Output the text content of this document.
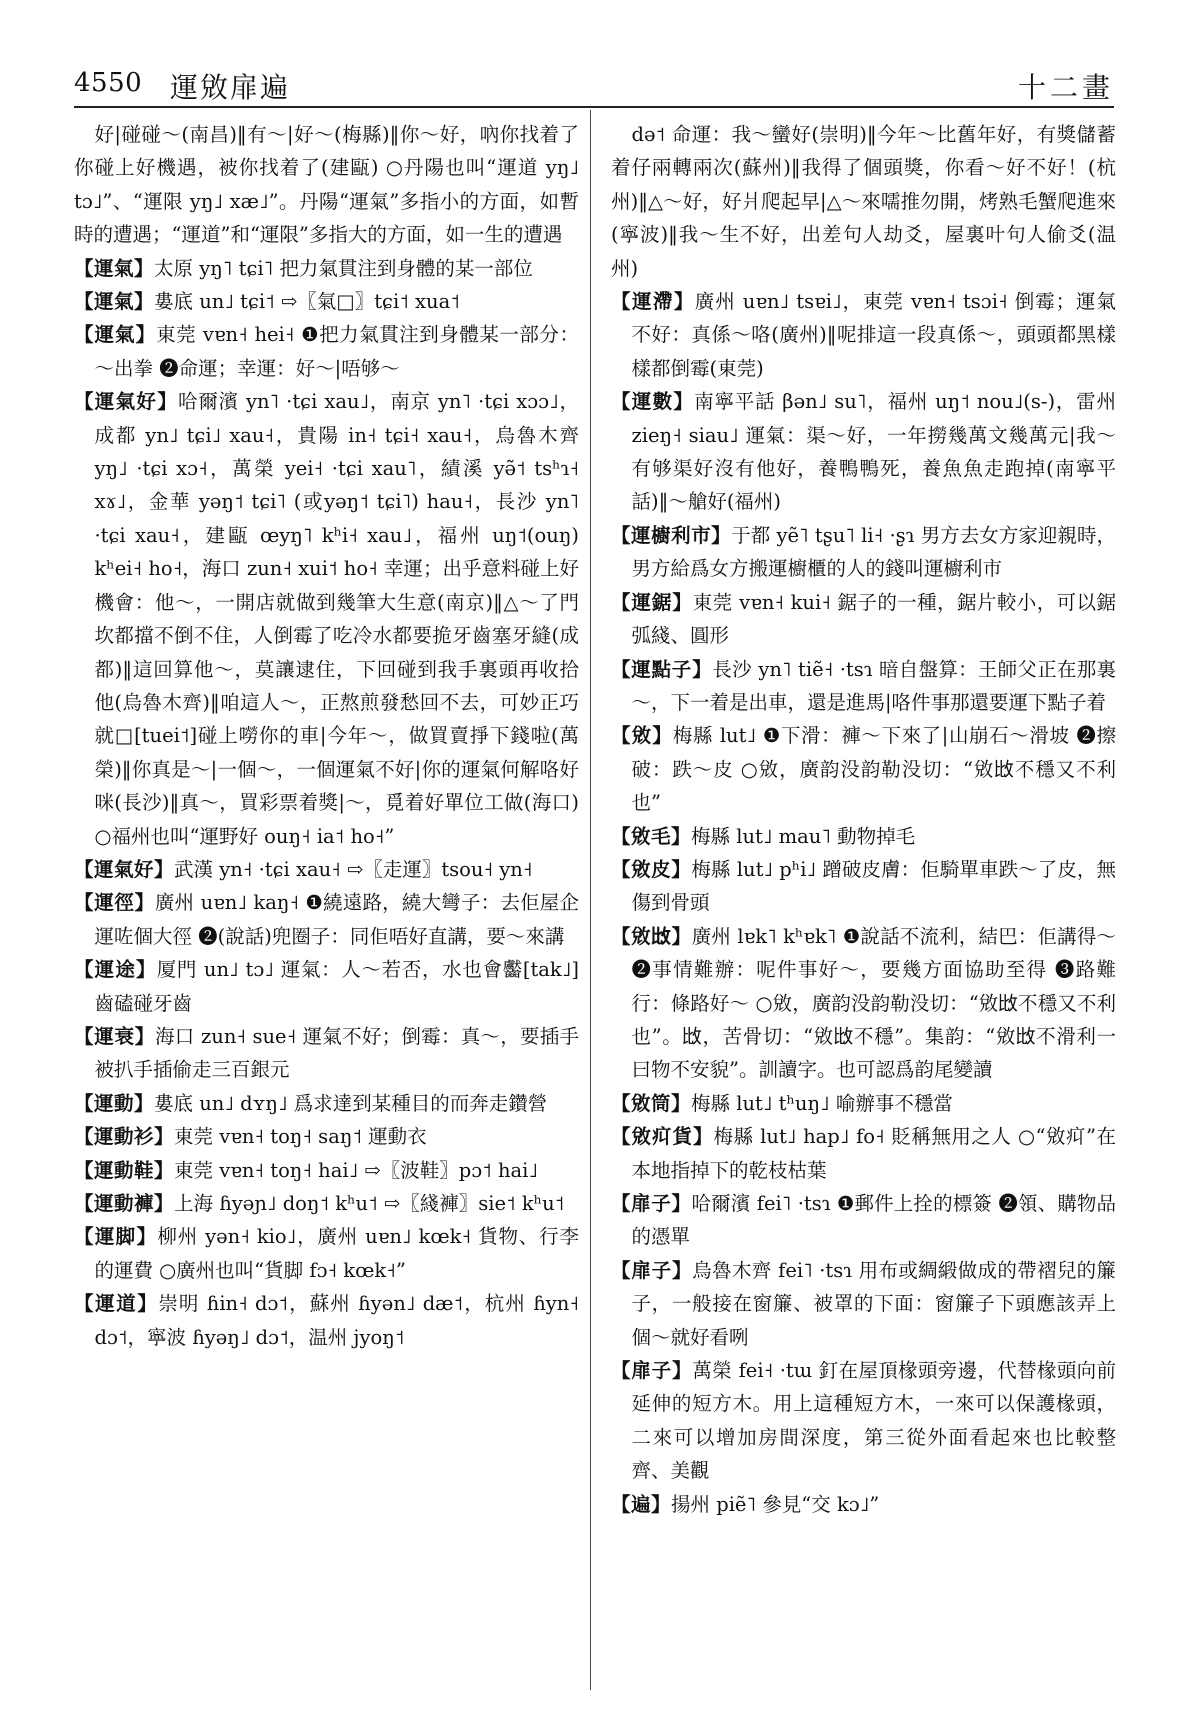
4550 運敓扉遍	十二畫

好|碰碰～(南昌)‖有～|好～(梅縣)‖你～好，吶你找着了你碰上好機遇，被你找着了(建甌) ○丹陽也叫“運道 yŋ˩ tɔ˩”、“運限 yŋ˩ xæ˩”。丹陽“運氣”多指小的方面，如暫時的遭遇；“運道”和“運限”多指大的方面，如一生的遭遇

【運氣】太原 yŋ˥ tɕi˥ 把力氣貫注到身體的某一部位

【運氣】婁底 un˩ tɕi˦ ⇨〖氣□〗tɕi˦ xua˦

【運氣】東莞 vɐn˧ hei˧ ❶把力氣貫注到身體某一部分：～出拳 ❷命運；幸運：好～|唔够～

【運氣好】哈爾濱 yn˥ ·tɕi xau˩，南京 yn˥ ·tɕi xɔɔ˩，成都 yn˩ tɕi˩ xau˧，貴陽 in˧ tɕi˧ xau˧，烏魯木齊 yŋ˩ ·tɕi xɔ˧，萬榮 yei˧ ·tɕi xau˥，績溪 yə̃˦ tsʰɿ˧ xɤ˩，金華 yəŋ˦ tɕi˥ (或yəŋ˦ tɕi˥) hau˧，長沙 yn˥ ·tɕi xau˧，建甌 œyŋ˥ kʰi˧ xau˩，福州 uŋ˦(ouŋ) kʰei˧ ho˧，海口 zun˧ xui˦ ho˧ 幸運；出乎意料碰上好機會：他～，一開店就做到幾筆大生意(南京)‖△～了門坎都擋不倒不住，人倒霉了吃冷水都要㧪牙齒塞牙縫(成都)‖這回算他～，莫讓逮住，下回碰到我手裏頭再收拾他(烏魯木齊)‖咱這人～，正熬煎發愁回不去，可妙正巧就□[tuei˦]碰上嘮你的車|今年～，做買賣掙下錢啦(萬榮)‖你真是～|一個～，一個運氣不好|你的運氣何解咯好咪(長沙)‖真～，買彩票着獎|～，覓着好單位工做(海口) ○福州也叫“運野好 ouŋ˧ ia˦ ho˧”

【運氣好】武漢 yn˧ ·tɕi xau˧ ⇨〖走運〗tsou˧ yn˧

【運徑】廣州 uɐn˩ kaŋ˧ ❶繞遠路，繞大彎子：去佢屋企運咗個大徑 ❷(說話)兜圈子：同佢唔好直講，要～來講

【運途】厦門 un˩ tɔ˩ 運氣：人～若否，水也會齾[tak˩]齒磕碰牙齒

【運衰】海口 zun˧ sue˧ 運氣不好；倒霉：真～，要插手被扒手插偷走三百銀元

【運動】婁底 un˩ dʏŋ˩ 爲求達到某種目的而奔走鑽營

【運動衫】東莞 vɐn˧ toŋ˧ saŋ˦ 運動衣

【運動鞋】東莞 vɐn˧ toŋ˧ hai˩ ⇨〖波鞋〗pɔ˦ hai˩

【運動褲】上海 ɦyəɲ˩ doŋ˦ kʰu˦ ⇨〖綫褲〗sie˦ kʰu˦

【運脚】柳州 yən˧ kio˩，廣州 uɐn˩ kœk˧ 貨物、行李的運費 ○廣州也叫“貨脚 fɔ˧ kœk˧”

【運道】崇明 ɦin˧ dɔ˦，蘇州 ɦyən˩ dæ˦，杭州 ɦyn˧ dɔ˦，寧波 ɦyəŋ˩ dɔ˦，温州 jyoŋ˦

də˦ 命運：我～蠻好(崇明)‖今年～比舊年好，有獎儲蓄着仔兩轉兩次(蘇州)‖我得了個頭獎，你看～好不好！(杭州)‖△～好，好爿爬起早|△～來嚅推勿開，烤熟毛蟹爬進來(寧波)‖我～生不好，出差句人劫爻，屋裏叶句人偷爻(温州)

【運滯】廣州 uɐn˩ tsɐi˩，東莞 vɐn˧ tsɔi˧ 倒霉；運氣不好：真係～咯(廣州)‖呢排這一段真係～，頭頭都黑樣樣都倒霉(東莞)

【運數】南寧平話 βən˩ su˥，福州 uŋ˦ nou˩(s-)，雷州 zieŋ˧ siau˩ 運氣：渠～好，一年撈幾萬文幾萬元|我～有够渠好沒有他好，養鴨鴨死，養魚魚走跑掉(南寧平話)‖～艙好(福州)

【運櫥利市】于都 yẽ˥ tʂu˥ li˧ ·ʂɿ 男方去女方家迎親時，男方給爲女方搬運櫥櫃的人的錢叫運櫥利市

【運鋸】東莞 vɐn˧ kui˧ 鋸子的一種，鋸片較小，可以鋸弧綫、圓形

【運點子】長沙 yn˥ tiẽ˧ ·tsɿ 暗自盤算：王師父正在那裏～，下一着是出車，還是進馬|咯件事那還要運下點子着

【敓】梅縣 lut˩ ❶下滑：褲～下來了|山崩石～滑坡 ❷擦破：跌～皮 ○敓，廣韵没韵勒没切：“敓𢻹不穩又不利也”

【敓毛】梅縣 lut˩ mau˥ 動物掉毛

【敓皮】梅縣 lut˩ pʰi˩ 蹭破皮膚：佢騎單車跌～了皮，無傷到骨頭

【敓𢻹】廣州 lɐk˥ kʰɐk˥ ❶說話不流利，結巴：佢講得～ ❷事情難辦：呢件事好～，要幾方面協助至得 ❸路難行：條路好～ ○敓，廣韵没韵勒没切：“敓𢻹不穩又不利也”。𢻹，苦骨切：“敓𢻹不穩”。集韵：“敓𢻹不滑利一曰物不安貌”。訓讀字。也可認爲韵尾變讀

【敓筒】梅縣 lut˩ tʰuŋ˩ 喻辦事不穩當

【敓㽱貨】梅縣 lut˩ hap˩ fo˧ 貶稱無用之人 ○“敓㽱”在本地指掉下的乾枝枯葉

【扉子】哈爾濱 fei˥ ·tsɿ ❶郵件上拴的標簽 ❷領、購物品的憑單

【扉子】烏魯木齊 fei˥ ·tsɿ 用布或綢緞做成的帶褶兒的簾子，一般接在窗簾、被罩的下面：窗簾子下頭應該弄上個～就好看咧

【扉子】萬榮 fei˧ ·tɯ 釘在屋頂椽頭旁邊，代替椽頭向前延伸的短方木。用上這種短方木，一來可以保護椽頭，二來可以增加房間深度，第三從外面看起來也比較整齊、美觀

【遍】揚州 piẽ˥ 參見“交 kɔ˩”
